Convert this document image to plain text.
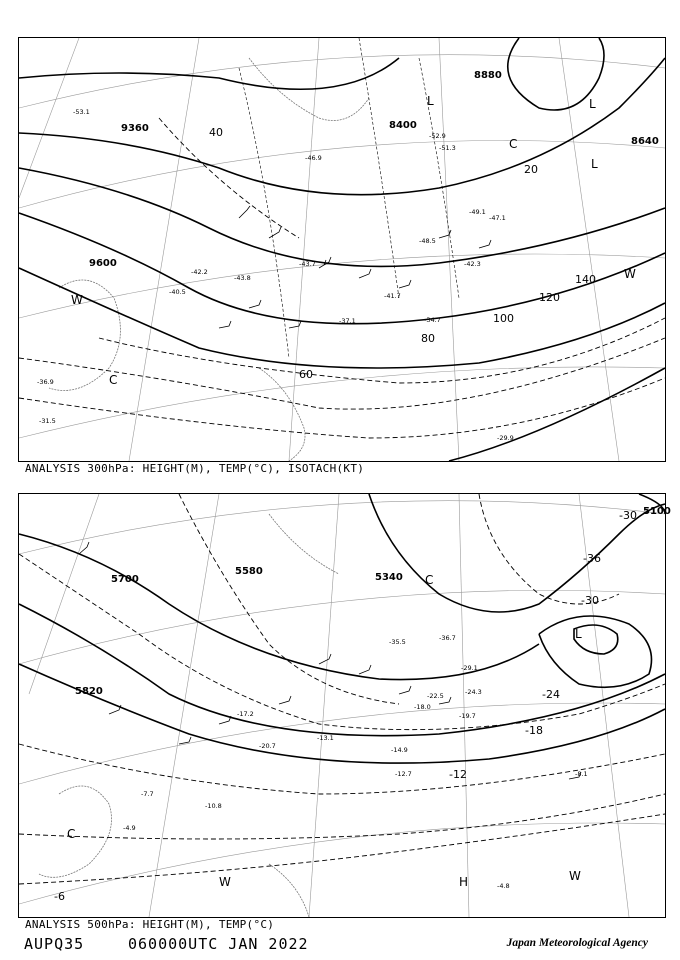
9360
9600
8640
8880
8400
20
40
60
80
100
120
140
L	L
L
W
W
C
C
-52.9
-51.3
-49.1
-48.5
-47.1
-43.7
-43.8
-42.3
-41.7
-37.1	-34.7
-31.5
-29.9
-36.9
-53.1
-46.9
-42.2
-40.5
ANALYSIS 300hPa: HEIGHT(M), TEMP(°C), ISOTACH(KT)
5700
5820
5580
5340
5100
-6
-12
-18
-24
-30
-36
-30
L
C
C
W	W
H
-36.7
-35.5
-29.1
-24.3
-22.5
-19.7
-18.0
-13.1
-12.7
-14.9
-10.8
-17.2
-20.7
-4.8
-8.1
-7.7
-4.9
ANALYSIS 500hPa: HEIGHT(M), TEMP(°C)
AUPQ35	060000UTC JAN 2022	Japan Meteorological Agency
